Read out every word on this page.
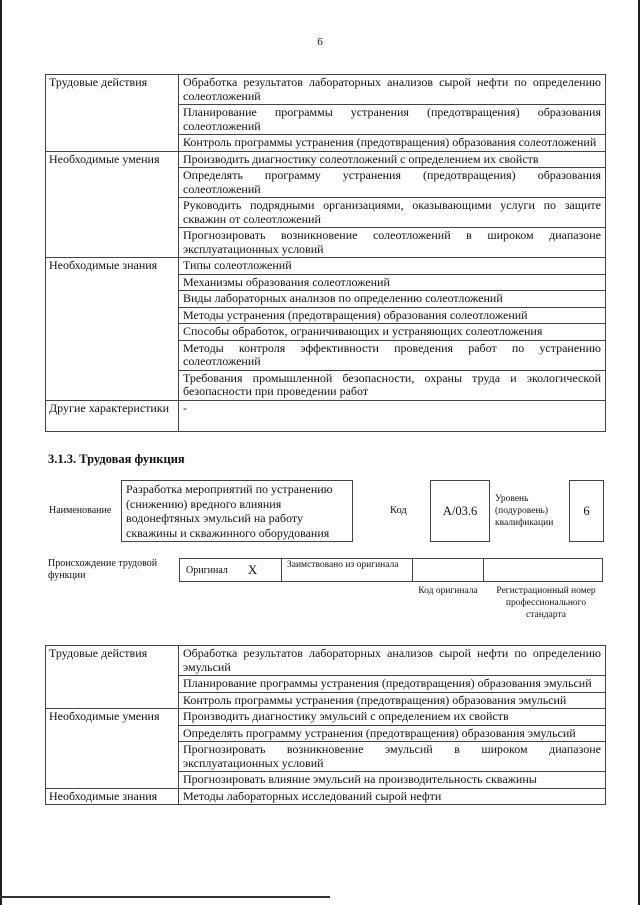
6
Трудовые действия	Обработка результатов лабораторных анализов сырой нефти по определению солеотложений
	Планирование программы устранения (предотвращения) образования солеотложений
	Контроль программы устранения (предотвращения) образования солеотложений
Необходимые умения	Производить диагностику солеотложений с определением их свойств
	Определять программу устранения (предотвращения) образования солеотложений
	Руководить подрядными организациями, оказывающими услуги по защите скважин от солеотложений
	Прогнозировать возникновение солеотложений в широком диапазоне эксплуатационных условий
Необходимые знания	Типы солеотложений
	Механизмы образования солеотложений
	Виды лабораторных анализов по определению солеотложений
	Методы устранения (предотвращения) образования солеотложений
	Способы обработок, ограничивающих и устраняющих солеотложения
	Методы контроля эффективности проведения работ по устранению солеотложений
	Требования промышленной безопасности, охраны труда и экологической безопасности при проведении работ
Другие характеристики	-
3.1.3. Трудовая функция
Наименование
Разработка мероприятий по устранению (снижению) вредного влияния водонефтяных эмульсий на работу скважины и скважинного оборудования
Код	A/03.6
Уровень (подуровень) квалификации
6
Происхождение трудовой функции	Оригинал X	Заимствовано из оригинала
Код оригинала	Регистрационный номер профессионального стандарта
Трудовые действия	Обработка результатов лабораторных анализов сырой нефти по определению эмульсий
	Планирование программы устранения (предотвращения) образования эмульсий
	Контроль программы устранения (предотвращения) образования эмульсий
Необходимые умения	Производить диагностику эмульсий с определением их свойств
	Определять программу устранения (предотвращения) образования эмульсий
	Прогнозировать возникновение эмульсий в широком диапазоне эксплуатационных условий
	Прогнозировать влияние эмульсий на производительность скважины
Необходимые знания	Методы лабораторных исследований сырой нефти
